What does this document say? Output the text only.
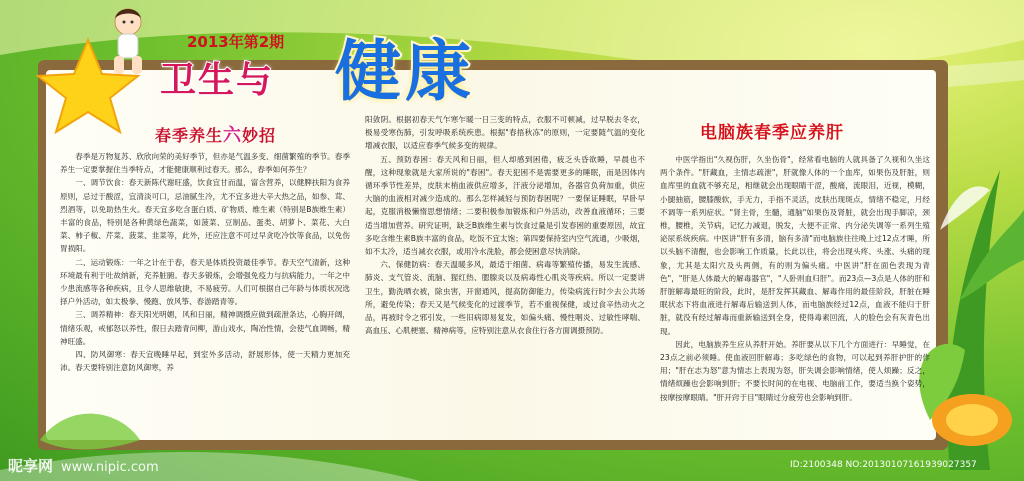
2013年第2期
卫生与 健康
春季养生六妙招

春季是万物复苏、欣欣向荣的美好季节，但亦是气温多变、细菌繁殖的季节。春季养生一定要掌握住当季特点，才能健康顺利过春天。那么，春季如何养生？

一、调节饮食：春天新陈代谢旺盛，饮食宜甘而温，富含营养，以健脾扶阳为食养原则，忌过于酸涩，宜清淡可口，忌油腻生冷，尤不宜多进大辛大热之品，如参、茸、烈酒等，以免助热生火。春天宜多吃含蛋白质、矿物质、维生素（特别是B族维生素）丰富的食品，特别是各种黄绿色蔬菜，如菠菜、豆制品、蛋类、胡萝卜、菜花、大白菜、柿子椒、芹菜、菠菜、韭菜等，此外，还应注意不可过早贪吃冷饮等食品，以免伤胃损阳。

二、运动锻炼：一年之计在于春，春天是体质投资最佳季节。春天空气清新，这种环境最有利于吐故纳新，充养脏腑。春天多锻炼，会增强免疫力与抗病能力，一年之中少患流感等各种疾病，且令人思维敏捷，不易疲劳。人们可根据自己年龄与体质状况选择户外活动，如太极拳、慢跑、放风筝、春游踏青等。

三、调养精神：春天阳光明媚，风和日丽，精神调摄应做到疏泄条达，心胸开阔，情绪乐观，戒郁怒以养性，假日去踏青问柳，游山戏水，陶冶性情，会使气血调畅，精神旺盛。

四、防风御寒：春天宜晚睡早起，到室外多活动，舒展形体，使一天精力更加充沛。春天要特别注意防风御寒，养

阳敛阴。根据初春天气乍寒乍暖一日三变的特点，衣服不可顿减，过早脱去冬衣，极易受寒伤肺，引发呼吸系统疾患。根据"春捂秋冻"的原则，一定要随气温的变化增减衣服，以适应春季气候多变的规律。

五、预防春困：春天风和日丽，但人却感到困倦，疲乏头昏欲睡，早晨也不醒，这种现象就是大家所说的"春困"。春天犯困不是需要更多的睡眠，而是因体内循环季节性差异，皮肤末梢血液供应增多，汗液分泌增加，各器官负荷加重，供应大脑的血液相对减少造成的。那么怎样减轻与预防春困呢？一要保证睡眠，早卧早起，克服消极懒惰思想情绪；二要积极参加锻炼和户外活动，改善血液循环；三要适当增加营养。研究证明，缺乏B族维生素与饮食过量是引发春困的重要原因，故宜多吃含维生素B族丰富的食品，吃饭不宜太饱；第四要保持室内空气流通，少吸烟，如不太冷，适当减衣衣服，或用冷水洗脸，都会使困意尽快消除。

六、保健防病：春天温暖多风，最适于细菌、病毒等繁殖传播，易发生流感、肺炎、支气管炎、流脑、猩红热、腮腺炎以及病毒性心肌炎等疾病。所以一定要讲卫生，勤洗晒衣被，除虫害，开窗通风，提高防御能力，传染病流行时少去公共场所，避免传染；春天又是气候变化的过渡季节，若不重视保健，或过食辛热动火之品，再被时令之邪引发，一些旧病即易复发，如偏头痛、慢性咽炎、过敏性哮喘、高血压、心肌梗塞、精神病等，应特别注意从衣食住行各方面调摄预防。

电脑族春季应养肝

中医学指出"久视伤肝，久坐伤骨"，经常看电脑的人就具备了久视和久坐这两个条件。"肝藏血，主情志疏泄"，肝就像人体的一个血库，如果伤及肝脏，则血库里的血就不够充足，相继就会出现眼睛干涩，酸痛，流眼泪，近视，模糊，小腿抽筋，腰膝酸软，手无力，手指不灵活，皮肤出现斑点，情绪不稳定，月经不调等一系列症状。"肾主骨，生髓，通脑"如果伤及肾脏，就会出现手脚凉，颈椎，腰椎，关节病，记忆力减退，脱发，大便不正常、内分泌失调等一系列生殖泌尿系统疾病。中医讲"肝有多清，脑有多清"而电脑族往往晚上过12点才睡，所以头脑不清醒，也会影响工作质量，长此以往，将会出现头疼、头涨、头痛的现象，尤其是太阳穴及头两侧，有的则为偏头痛。中医讲"肝在面色表现为青色"，"肝是人体最大的解毒器官"，"人卧则血归肝"。而23点—3点是人体的肝和肝脏解毒最旺的阶段，此时，是肝发挥其藏血、解毒作用的最佳阶段，肝脏在睡眠状态下将血液进行解毒后输送到人体，而电脑族经过12点，血液不能归于肝脏，就没有经过解毒而重新输送到全身，使得毒素回流，人的脸色会有灰青色出现。

因此，电脑族养生应从养肝开始。养肝要从以下几个方面进行：早睡觉，在23点之前必须睡。使血液回肝解毒；多吃绿色的食物，可以起到养肝护肝的作用；"肝在志为怒"意为情志上表现为怒，肝失调会影响情绪，使人烦躁；反之，情绪烦躁也会影响到肝；不要长时间的在电视、电脑前工作，要适当换个姿势，按摩按摩眼睛。"肝开窍于目"眼睛过分疲劳也会影响到肝。

昵享网 www.nipic.com	ID:2100348 NO:20130107161939027357
